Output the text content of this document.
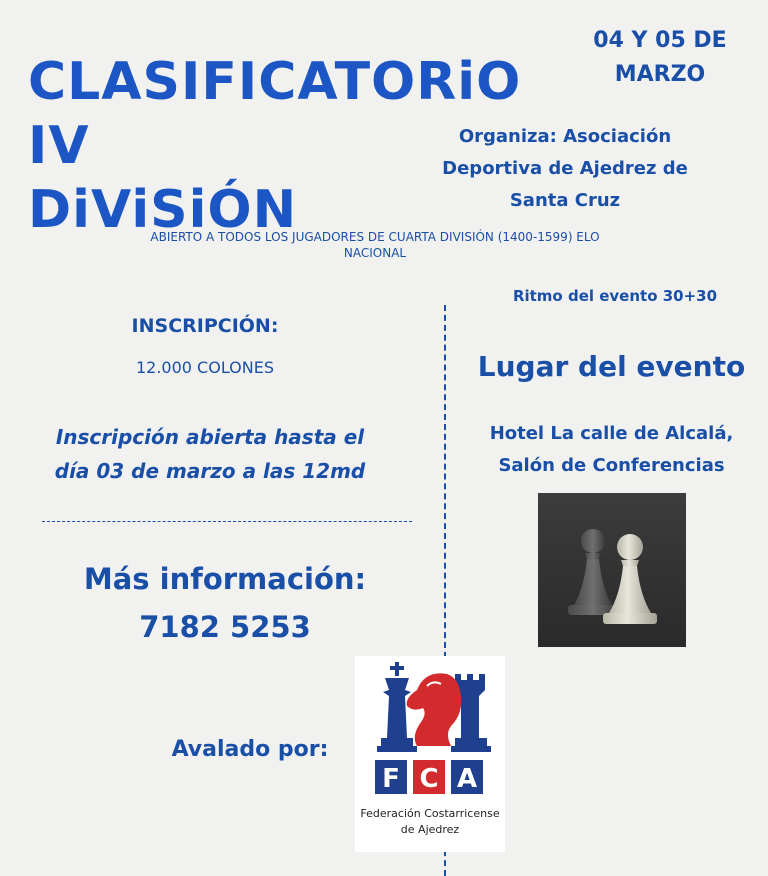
CLASIFICATORiO IV
DiViSiÓN
04 Y 05 DE
MARZO
Organiza: Asociación
Deportiva de Ajedrez de
Santa Cruz
ABIERTO A TODOS LOS JUGADORES DE CUARTA DIVISIÓN (1400-1599) ELO
NACIONAL
Ritmo del evento 30+30
INSCRIPCIÓN:
12.000 COLONES
Inscripción abierta hasta el
día 03 de marzo a las 12md
Más información:
7182 5253
Lugar del evento
Hotel La calle de Alcalá,
Salón de Conferencias
Avalado por:
F C A
Federación Costarricense
de Ajedrez
